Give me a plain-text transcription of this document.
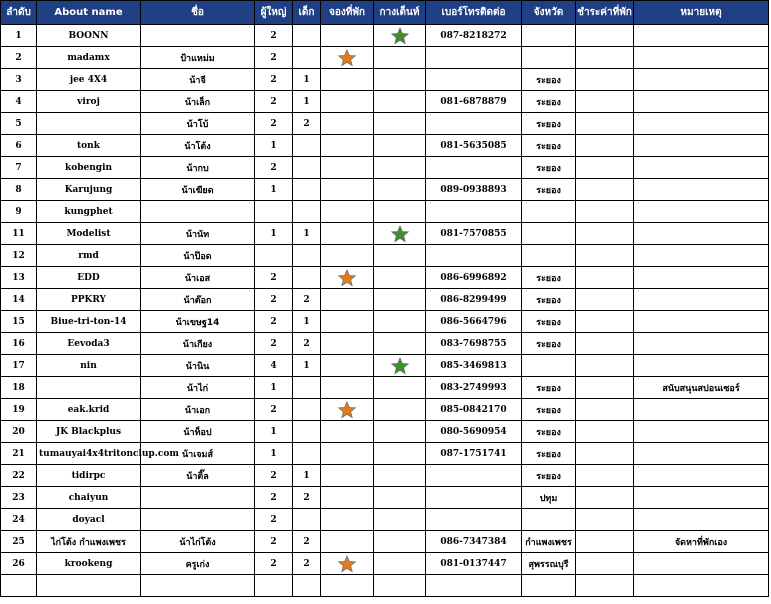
ลำดับ	About name	ชื่อ	ผู้ใหญ่	เด็ก	จองที่พัก	กางเต็นท์	เบอร์โทรติดต่อ	จังหวัด	ชำระค่าที่พัก	หมายเหตุ
1	BOONN		2				087-8218272			
2	madamx	ป้าแหม่ม	2							
3	jee 4X4	น้าจี	2	1				ระยอง		
4	viroj	น้าเล็ก	2	1			081-6878879	ระยอง		
5		น้าโบ้	2	2				ระยอง		
6	tonk	น้าโต้ง	1				081-5635085	ระยอง		
7	kobengin	น้ากบ	2					ระยอง		
8	Karujung	น้าเฆียด	1				089-0938893	ระยอง		
9	kungphet									
11	Modelist	น้านัท	1	1			081-7570855			
12	rmd	น้าป๊อด								
13	EDD	น้าเอส	2				086-6996892	ระยอง		
14	PPKRY	น้าต๊อก	2	2			086-8299499	ระยอง		
15	Biue-tri-ton-14	น้าเขษฐ14	2	1			086-5664796	ระยอง		
16	Eevoda3	น้าเกียง	2	2			083-7698755	ระยอง		
17	nin	น้านิน	4	1			085-3469813			
18		น้าไก่	1				083-2749993	ระยอง		สนับสนุนสปอนเซอร์
19	eak.krid	น้าเอก	2				085-0842170	ระยอง		
20	JK Blackplus	น้าท็อป	1				080-5690954	ระยอง		
21	tumauyai4x4tritonclup.com	น้าเจมส์	1				087-1751741	ระยอง		
22	tidirpc	น้าติ๊ล	2	1				ระยอง		
23	chaiyun		2	2				ปทุม		
24	doyacl		2							
25	ไก่โต้ง กำแพงเพชร	น้าไก่โต้ง	2	2			086-7347384	กำแพงเพชร		จัดหาที่พักเอง
26	krookeng	ครูเก่ง	2	2			081-0137447	สุพรรณบุรี		
